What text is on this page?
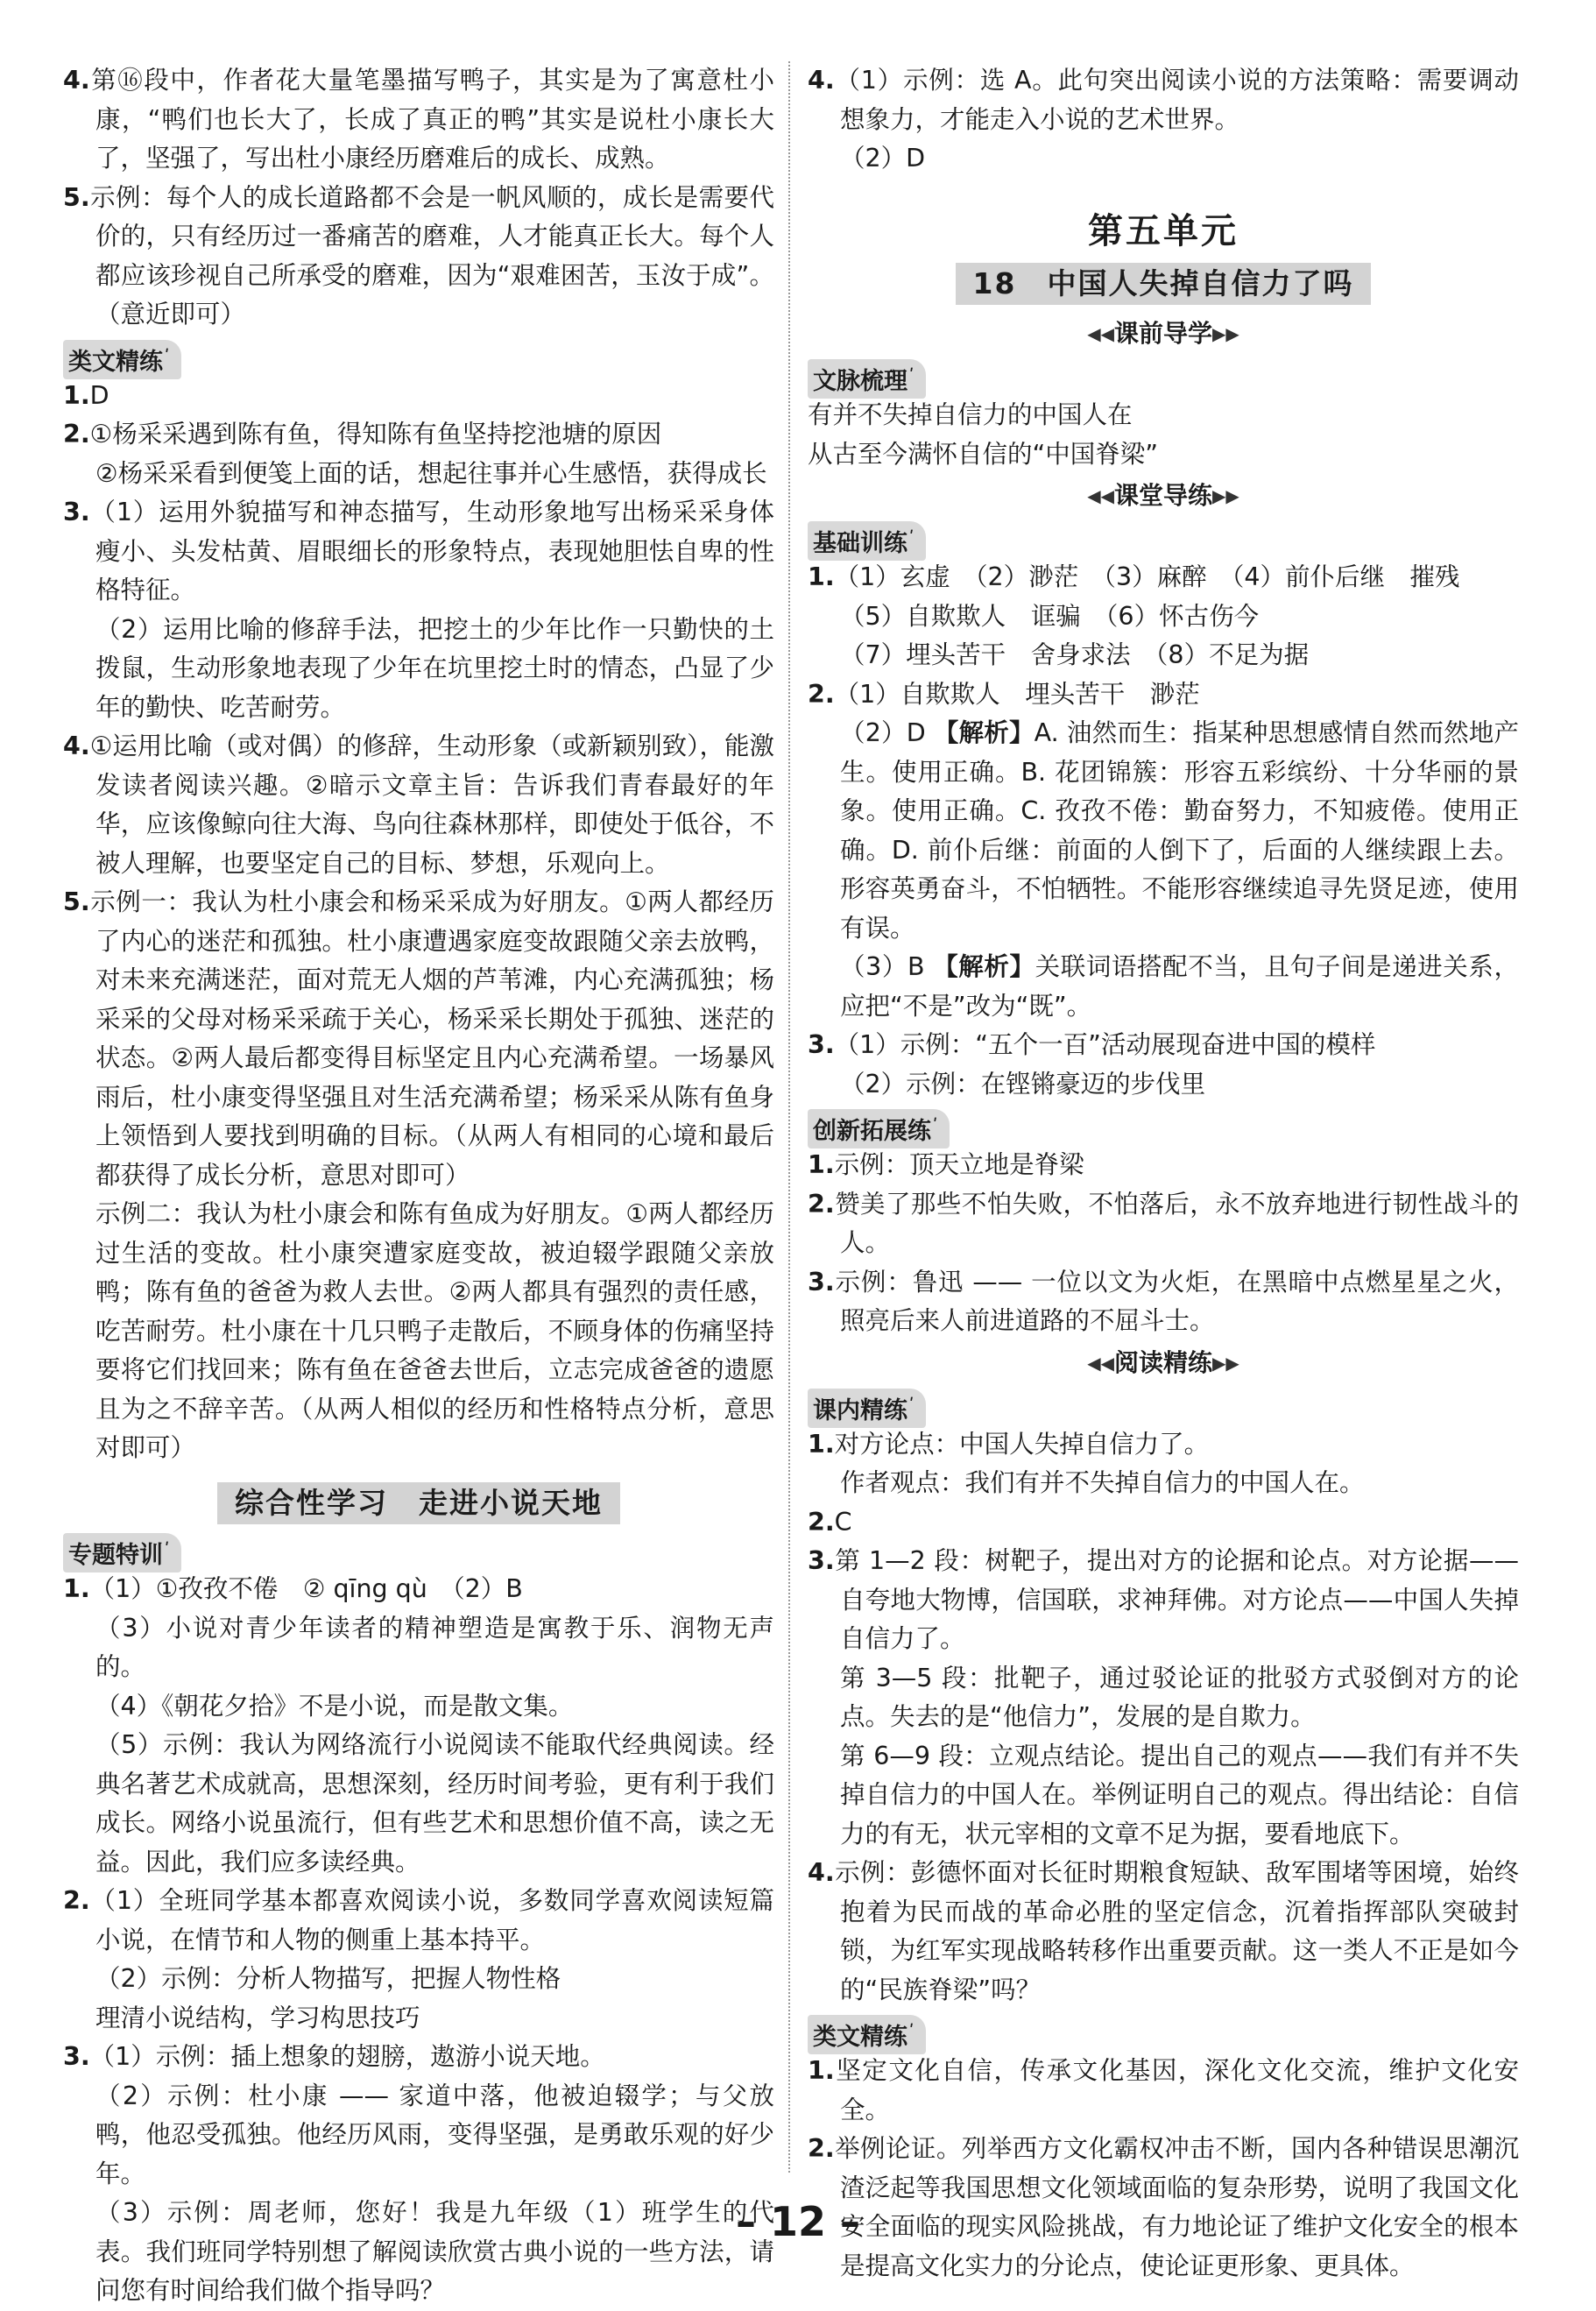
4.第⑯段中，作者花大量笔墨描写鸭子，其实是为了寓意杜小康，“鸭们也长大了，长成了真正的鸭”其实是说杜小康长大了，坚强了，写出杜小康经历磨难后的成长、成熟。

5.示例：每个人的成长道路都不会是一帆风顺的，成长是需要代价的，只有经历过一番痛苦的磨难，人才能真正长大。每个人都应该珍视自己所承受的磨难，因为“艰难困苦，玉汝于成”。（意近即可）

类文精练 ʹ

1.D

2.①杨采采遇到陈有鱼，得知陈有鱼坚持挖池塘的原因

②杨采采看到便笺上面的话，想起往事并心生感悟，获得成长

3.（1）运用外貌描写和神态描写，生动形象地写出杨采采身体瘦小、头发枯黄、眉眼细长的形象特点，表现她胆怯自卑的性格特征。

（2）运用比喻的修辞手法，把挖土的少年比作一只勤快的土拨鼠，生动形象地表现了少年在坑里挖土时的情态，凸显了少年的勤快、吃苦耐劳。

4.①运用比喻（或对偶）的修辞，生动形象（或新颖别致），能激发读者阅读兴趣。②暗示文章主旨：告诉我们青春最好的年华，应该像鲸向往大海、鸟向往森林那样，即使处于低谷，不被人理解，也要坚定自己的目标、梦想，乐观向上。

5.示例一：我认为杜小康会和杨采采成为好朋友。①两人都经历了内心的迷茫和孤独。杜小康遭遇家庭变故跟随父亲去放鸭，对未来充满迷茫，面对荒无人烟的芦苇滩，内心充满孤独；杨采采的父母对杨采采疏于关心，杨采采长期处于孤独、迷茫的状态。②两人最后都变得目标坚定且内心充满希望。一场暴风雨后，杜小康变得坚强且对生活充满希望；杨采采从陈有鱼身上领悟到人要找到明确的目标。（从两人有相同的心境和最后都获得了成长分析，意思对即可）

示例二：我认为杜小康会和陈有鱼成为好朋友。①两人都经历过生活的变故。杜小康突遭家庭变故，被迫辍学跟随父亲放鸭；陈有鱼的爸爸为救人去世。②两人都具有强烈的责任感，吃苦耐劳。杜小康在十几只鸭子走散后，不顾身体的伤痛坚持要将它们找回来；陈有鱼在爸爸去世后，立志完成爸爸的遗愿且为之不辞辛苦。（从两人相似的经历和性格特点分析，意思对即可）

综合性学习　走进小说天地
专题特训 ʹ

1.（1）①孜孜不倦　② qīng qù　（2）B

（3）小说对青少年读者的精神塑造是寓教于乐、润物无声的。

（4）《朝花夕拾》不是小说，而是散文集。

（5）示例：我认为网络流行小说阅读不能取代经典阅读。经典名著艺术成就高，思想深刻，经历时间考验，更有利于我们成长。网络小说虽流行，但有些艺术和思想价值不高，读之无益。因此，我们应多读经典。

2.（1）全班同学基本都喜欢阅读小说，多数同学喜欢阅读短篇小说，在情节和人物的侧重上基本持平。

（2）示例：分析人物描写，把握人物性格

理清小说结构，学习构思技巧

3.（1）示例：插上想象的翅膀，遨游小说天地。

（2）示例：杜小康 —— 家道中落，他被迫辍学；与父放鸭，他忍受孤独。他经历风雨，变得坚强，是勇敢乐观的好少年。

（3）示例：周老师，您好！我是九年级（1）班学生的代表。我们班同学特别想了解阅读欣赏古典小说的一些方法，请问您有时间给我们做个指导吗？

4.（1）示例：选 A。此句突出阅读小说的方法策略：需要调动想象力，才能走入小说的艺术世界。

（2）D

第五单元
18　中国人失掉自信力了吗
◀◀课前导学▶▶
文脉梳理 ʹ

有并不失掉自信力的中国人在

从古至今满怀自信的“中国脊梁”

◀◀课堂导练▶▶
基础训练 ʹ

1.（1）玄虚　（2）渺茫　（3）麻醉　（4）前仆后继　摧残

（5）自欺欺人　诓骗　（6）怀古伤今

（7）埋头苦干　舍身求法　（8）不足为据

2.（1）自欺欺人　埋头苦干　渺茫

（2）D 【解析】A. 油然而生：指某种思想感情自然而然地产生。使用正确。B. 花团锦簇：形容五彩缤纷、十分华丽的景象。使用正确。C. 孜孜不倦：勤奋努力，不知疲倦。使用正确。D. 前仆后继：前面的人倒下了，后面的人继续跟上去。形容英勇奋斗，不怕牺牲。不能形容继续追寻先贤足迹，使用有误。

（3）B 【解析】关联词语搭配不当，且句子间是递进关系，应把“不是”改为“既”。

3.（1）示例：“五个一百”活动展现奋进中国的模样

（2）示例：在铿锵豪迈的步伐里

创新拓展练 ʹ

1.示例：顶天立地是脊梁

2.赞美了那些不怕失败，不怕落后，永不放弃地进行韧性战斗的人。

3.示例：鲁迅 —— 一位以文为火炬，在黑暗中点燃星星之火，照亮后来人前进道路的不屈斗士。

◀◀阅读精练▶▶
课内精练 ʹ

1.对方论点：中国人失掉自信力了。

作者观点：我们有并不失掉自信力的中国人在。

2.C

3.第 1—2 段：树靶子，提出对方的论据和论点。对方论据——自夸地大物博，信国联，求神拜佛。对方论点——中国人失掉自信力了。

第 3—5 段：批靶子，通过驳论证的批驳方式驳倒对方的论点。失去的是“他信力”，发展的是自欺力。

第 6—9 段：立观点结论。提出自己的观点——我们有并不失掉自信力的中国人在。举例证明自己的观点。得出结论：自信力的有无，状元宰相的文章不足为据，要看地底下。

4.示例：彭德怀面对长征时期粮食短缺、敌军围堵等困境，始终抱着为民而战的革命必胜的坚定信念，沉着指挥部队突破封锁，为红军实现战略转移作出重要贡献。这一类人不正是如今的“民族脊梁”吗？

类文精练 ʹ

1.坚定文化自信，传承文化基因，深化文化交流，维护文化安全。

2.举例论证。列举西方文化霸权冲击不断，国内各种错误思潮沉渣泛起等我国思想文化领域面临的复杂形势，说明了我国文化安全面临的现实风险挑战，有力地论证了维护文化安全的根本是提高文化实力的分论点，使论证更形象、更具体。

– 12 –
